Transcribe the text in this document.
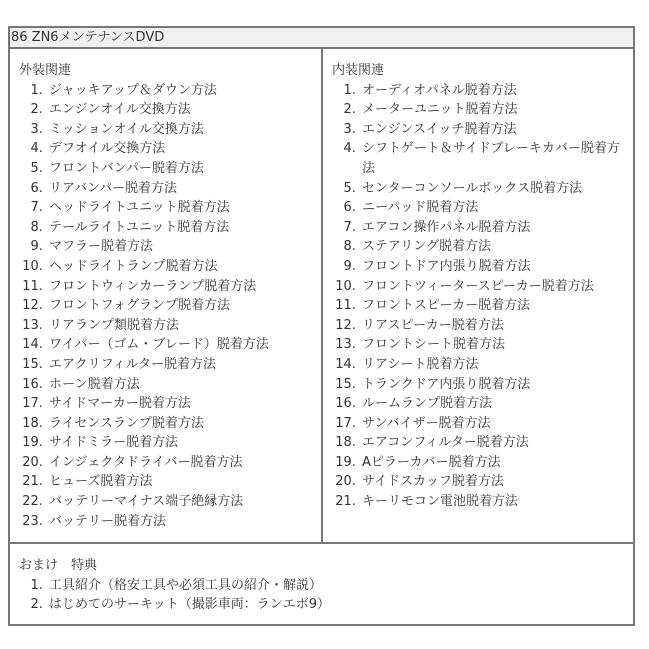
86 ZN6メンテナンスDVD
外装関連
1. ジャッキアップ＆ダウン方法
2. エンジンオイル交換方法
3. ミッションオイル交換方法
4. デフオイル交換方法
5. フロントバンパー脱着方法
6. リアバンパー脱着方法
7. ヘッドライトユニット脱着方法
8. テールライトユニット脱着方法
9. マフラー脱着方法
10. ヘッドライトランプ脱着方法
11. フロントウィンカーランプ脱着方法
12. フロントフォグランプ脱着方法
13. リアランプ類脱着方法
14. ワイパー（ゴム・ブレード）脱着方法
15. エアクリフィルター脱着方法
16. ホーン脱着方法
17. サイドマーカー脱着方法
18. ライセンスランプ脱着方法
19. サイドミラー脱着方法
20. インジェクタドライバー脱着方法
21. ヒューズ脱着方法
22. バッテリーマイナス端子絶縁方法
23. バッテリー脱着方法
内装関連
1. オーディオパネル脱着方法
2. メーターユニット脱着方法
3. エンジンスイッチ脱着方法
4. シフトゲート＆サイドブレーキカバー脱着方法
5. センターコンソールボックス脱着方法
6. ニーパッド脱着方法
7. エアコン操作パネル脱着方法
8. ステアリング脱着方法
9. フロントドア内張り脱着方法
10. フロントツィータースピーカー脱着方法
11. フロントスピーカー脱着方法
12. リアスピーカー脱着方法
13. フロントシート脱着方法
14. リアシート脱着方法
15. トランクドア内張り脱着方法
16. ルームランプ脱着方法
17. サンバイザー脱着方法
18. エアコンフィルター脱着方法
19. Aピラーカバー脱着方法
20. サイドスカッフ脱着方法
21. キーリモコン電池脱着方法
おまけ　特典
1. 工具紹介（格安工具や必須工具の紹介・解説）
2. はじめてのサーキット（撮影車両：ランエボ9）
